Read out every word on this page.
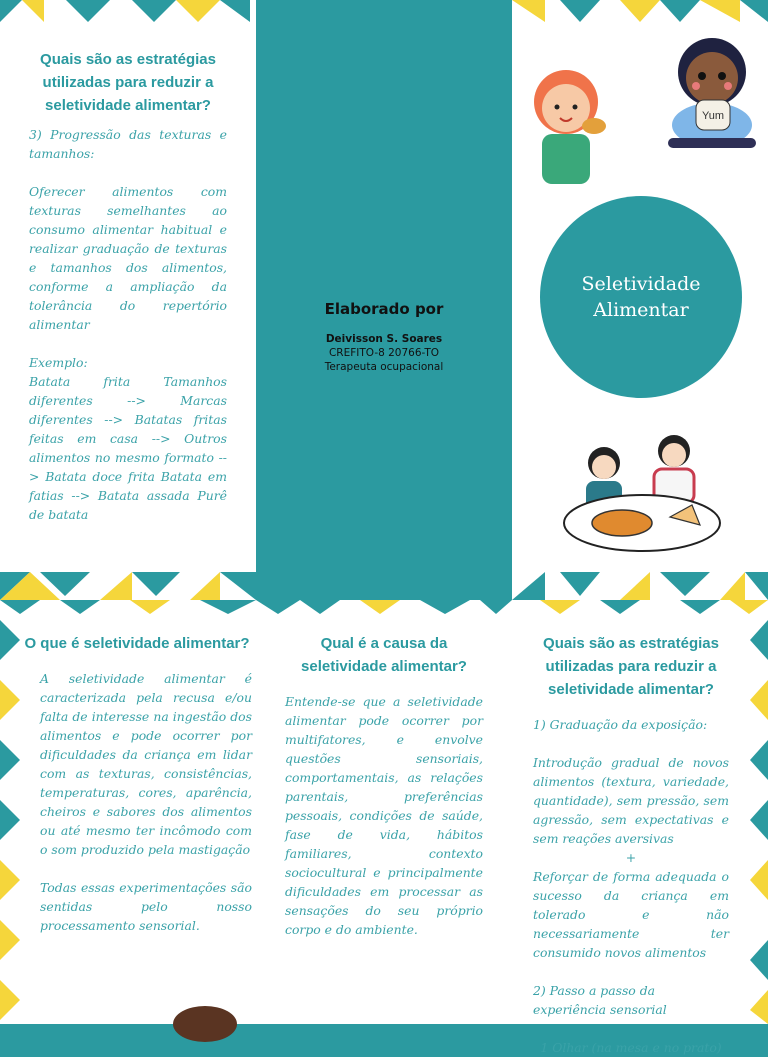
Quais são as estratégias utilizadas para reduzir a seletividade alimentar?

3) Progressão das texturas e tamanhos:

Oferecer alimentos com texturas semelhantes ao consumo alimentar habitual e realizar graduação de texturas e tamanhos dos alimentos, conforme a ampliação da tolerância do repertório alimentar

Exemplo:
Batata frita Tamanhos diferentes --> Marcas diferentes --> Batatas fritas feitas em casa --> Outros alimentos no mesmo formato --> Batata doce frita Batata em fatias --> Batata assada Purê de batata

Elaborado por

Deivisson S. Soares

CREFITO-8 20766-TO

Terapeuta ocupacional

Yum
Seletividade Alimentar
O que é seletividade alimentar?

A seletividade alimentar é caracterizada pela recusa e/ou falta de interesse na ingestão dos alimentos e pode ocorrer por dificuldades da criança em lidar com as texturas, consistências, temperaturas, cores, aparência, cheiros e sabores dos alimentos ou até mesmo ter incômodo com o som produzido pela mastigação

Todas essas experimentações são sentidas pelo nosso processamento sensorial.

Qual é a causa da seletividade alimentar?

Entende-se que a seletividade alimentar pode ocorrer por multifatores, e envolve questões sensoriais, comportamentais, as relações parentais, preferências pessoais, condições de saúde, fase de vida, hábitos familiares, contexto sociocultural e principalmente dificuldades em processar as sensações do seu próprio corpo e do ambiente.

Quais são as estratégias utilizadas para reduzir a seletividade alimentar?

1) Graduação da exposição:

Introdução gradual de novos alimentos (textura, variedade, quantidade), sem pressão, sem agressão, sem expectativas e sem reações aversivas

+

Reforçar de forma adequada o sucesso da criança em tolerado e não necessariamente ter consumido novos alimentos

2) Passo a passo da experiência sensorial

1 Olhar (na mesa e no prato)
